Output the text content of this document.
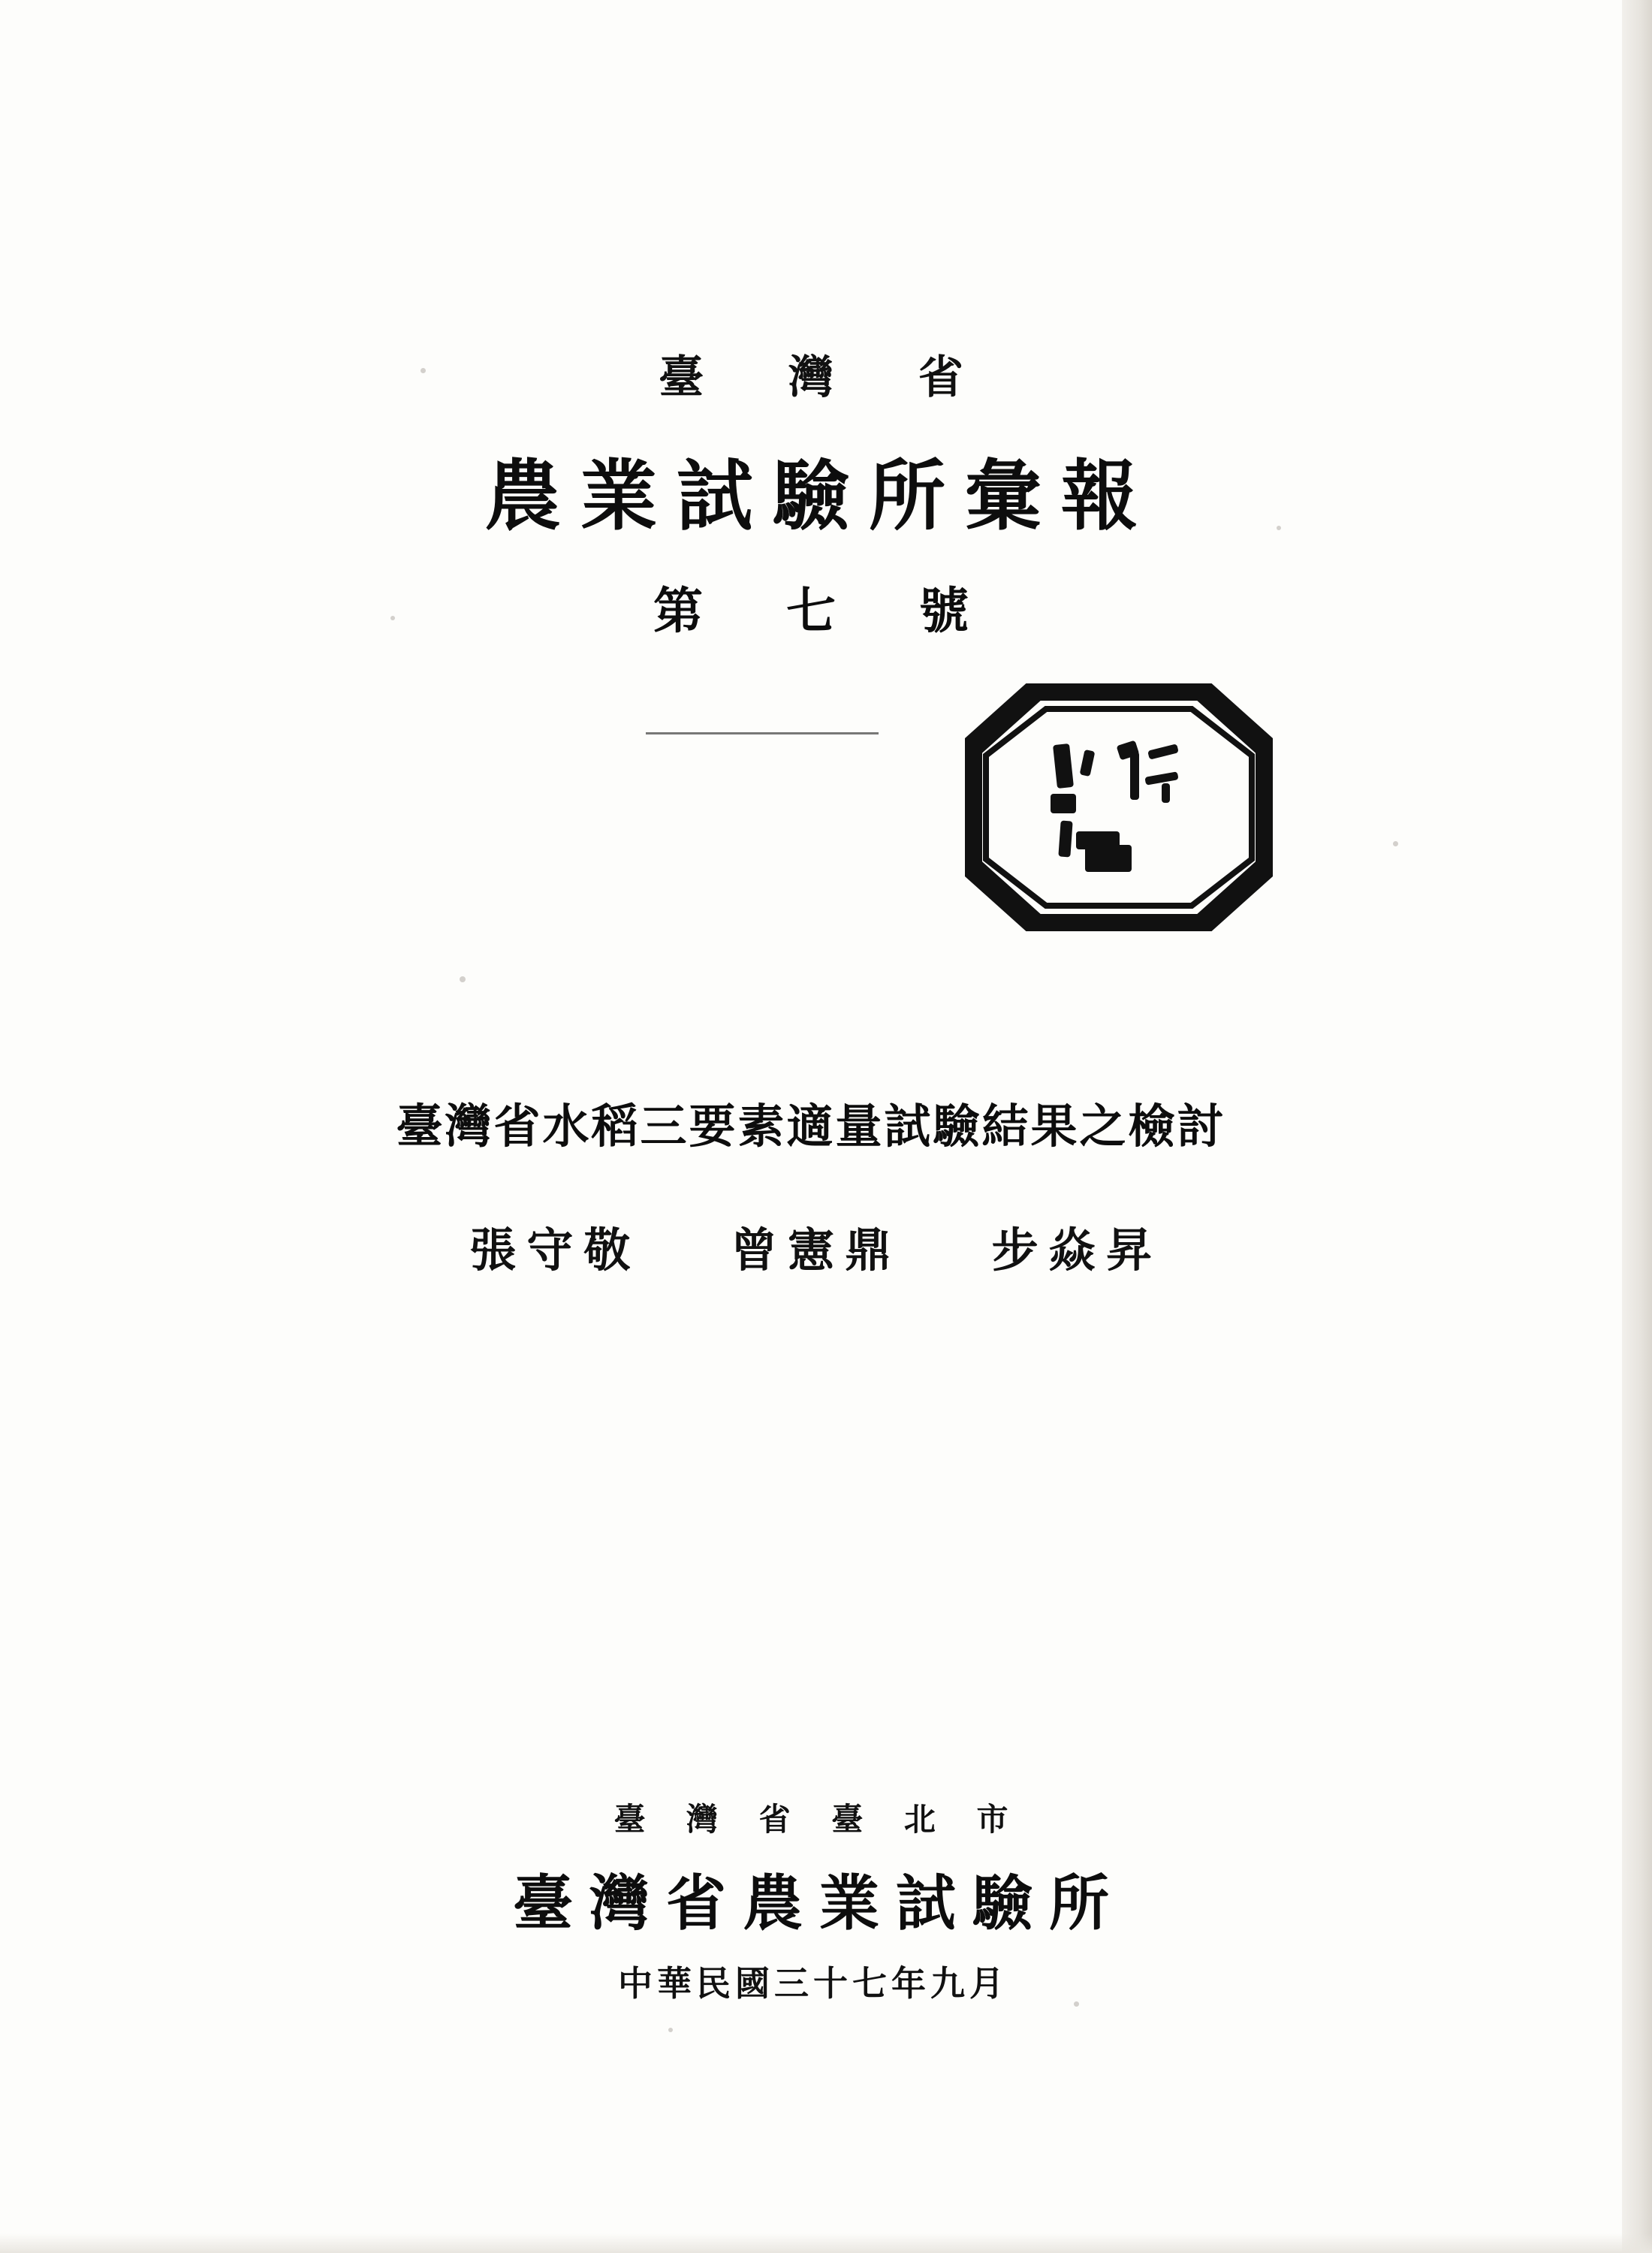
臺 灣 省
農業試驗所彙報
第 七 號
臺灣省水稻三要素適量試驗結果之檢討
張守敬 曾憲鼎 步焱昇
臺 灣 省 臺 北 市
臺灣省農業試驗所
中華民國三十七年九月
